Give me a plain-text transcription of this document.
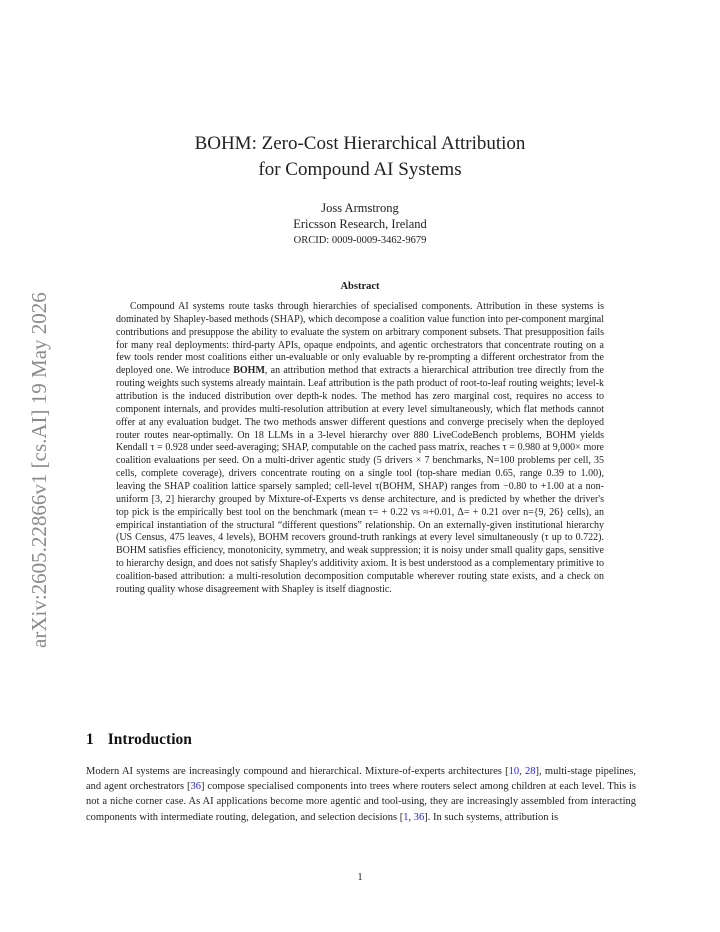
arXiv:2605.22866v1 [cs.AI] 19 May 2026
BOHM: Zero-Cost Hierarchical Attribution
for Compound AI Systems
Joss Armstrong
Ericsson Research, Ireland
ORCID: 0009-0009-3462-9679
Abstract

Compound AI systems route tasks through hierarchies of specialised components. Attribution in these systems is dominated by Shapley-based methods (SHAP), which decompose a coalition value function into per-component marginal contributions and presuppose the ability to evaluate the system on arbitrary component subsets. That presupposition fails for many real deployments: third-party APIs, opaque endpoints, and agentic orchestrators that concentrate routing on a few tools render most coalitions either un-evaluable or only evaluable by re-prompting a different orchestrator from the deployed one. We introduce BOHM, an attribution method that extracts a hierarchical attribution tree directly from the routing weights such systems already maintain. Leaf attribution is the path product of root-to-leaf routing weights; level-k attribution is the induced distribution over depth-k nodes. The method has zero marginal cost, requires no access to component internals, and provides multi-resolution attribution at every level simultaneously, which flat methods cannot offer at any evaluation budget. The two methods answer different questions and converge precisely when the deployed router routes near-optimally. On 18 LLMs in a 3-level hierarchy over 880 LiveCodeBench problems, BOHM yields Kendall τ = 0.928 under seed-averaging; SHAP, computable on the cached pass matrix, reaches τ = 0.980 at 9,000× more coalition evaluations per seed. On a multi-driver agentic study (5 drivers × 7 benchmarks, N=100 problems per cell, 35 cells, complete coverage), drivers concentrate routing on a single tool (top-share median 0.65, range 0.39 to 1.00), leaving the SHAP coalition lattice sparsely sampled; cell-level τ(BOHM, SHAP) ranges from −0.80 to +1.00 at a non-uniform [3, 2] hierarchy grouped by Mixture-of-Experts vs dense architecture, and is predicted by whether the driver's top pick is the empirically best tool on the benchmark (mean τ= + 0.22 vs ≈+0.01, Δ= + 0.21 over n={9, 26} cells), an empirical instantiation of the structural “different questions” relationship. On an externally-given institutional hierarchy (US Census, 475 leaves, 4 levels), BOHM recovers ground-truth rankings at every level simultaneously (τ up to 0.722). BOHM satisfies efficiency, monotonicity, symmetry, and weak suppression; it is noisy under small quality gaps, sensitive to hierarchy design, and does not satisfy Shapley's additivity axiom. It is best understood as a complementary primitive to coalition-based attribution: a multi-resolution decomposition computable wherever routing state exists, and a check on routing quality whose disagreement with Shapley is itself diagnostic.

1 Introduction

Modern AI systems are increasingly compound and hierarchical. Mixture-of-experts architectures [10, 28], multi-stage pipelines, and agent orchestrators [36] compose specialised components into trees where routers select among children at each level. This is not a niche corner case. As AI applications become more agentic and tool-using, they are increasingly assembled from interacting components with intermediate routing, delegation, and selection decisions [1, 36]. In such systems, attribution is

1
